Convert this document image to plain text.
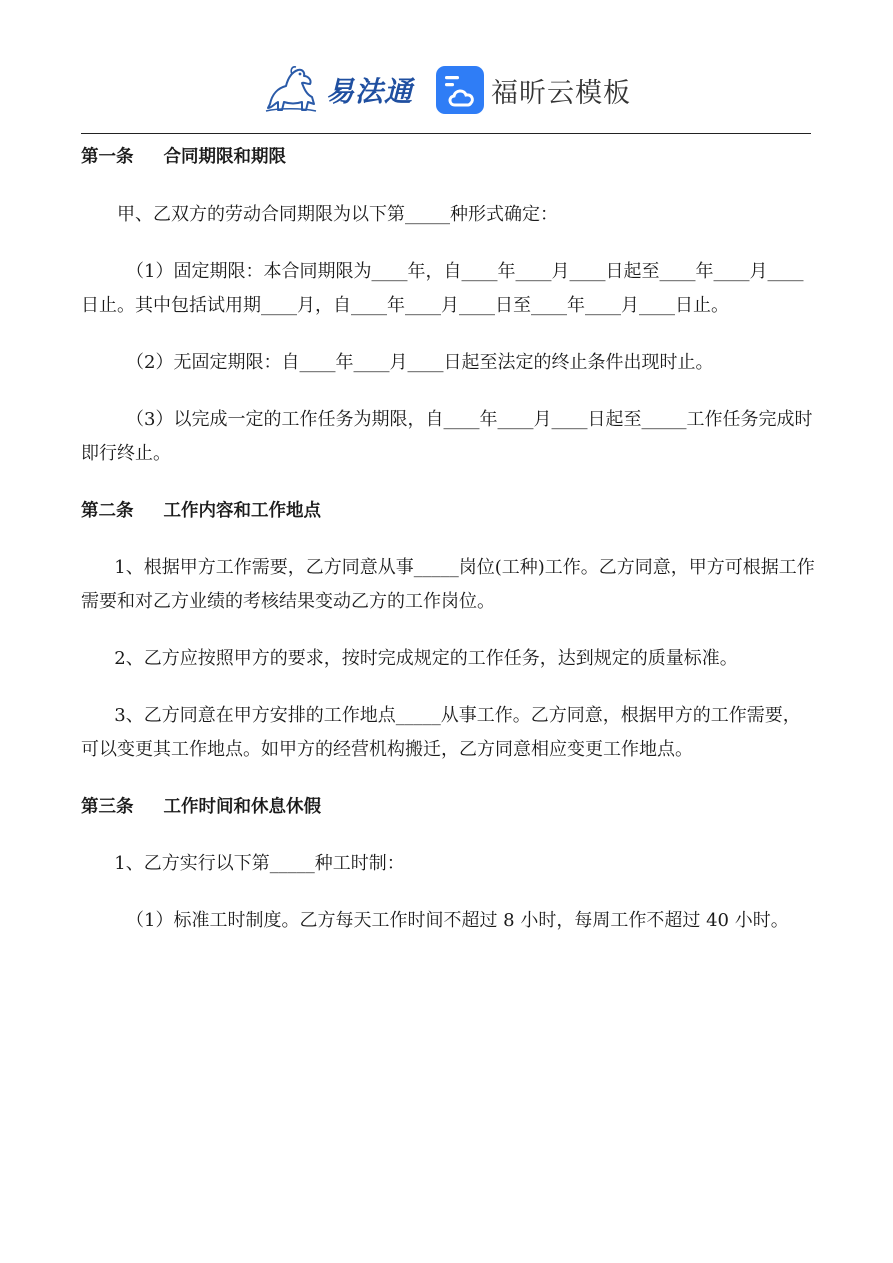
易法通	福昕云模板

第一条 合同期限和期限

甲、乙双方的劳动合同期限为以下第_____种形式确定：

（1）固定期限：本合同期限为____年，自____年____月____日起至____年____月____日止。其中包括试用期____月，自____年____月____日至____年____月____日止。

（2）无固定期限：自____年____月____日起至法定的终止条件出现时止。

（3）以完成一定的工作任务为期限，自____年____月____日起至_____工作任务完成时即行终止。

第二条 工作内容和工作地点

1、根据甲方工作需要，乙方同意从事_____岗位(工种)工作。乙方同意，甲方可根据工作需要和对乙方业绩的考核结果变动乙方的工作岗位。

2、乙方应按照甲方的要求，按时完成规定的工作任务，达到规定的质量标准。

3、乙方同意在甲方安排的工作地点_____从事工作。乙方同意，根据甲方的工作需要，可以变更其工作地点。如甲方的经营机构搬迁，乙方同意相应变更工作地点。

第三条 工作时间和休息休假

1、乙方实行以下第_____种工时制：

（1）标准工时制度。乙方每天工作时间不超过 8 小时，每周工作不超过 40 小时。
